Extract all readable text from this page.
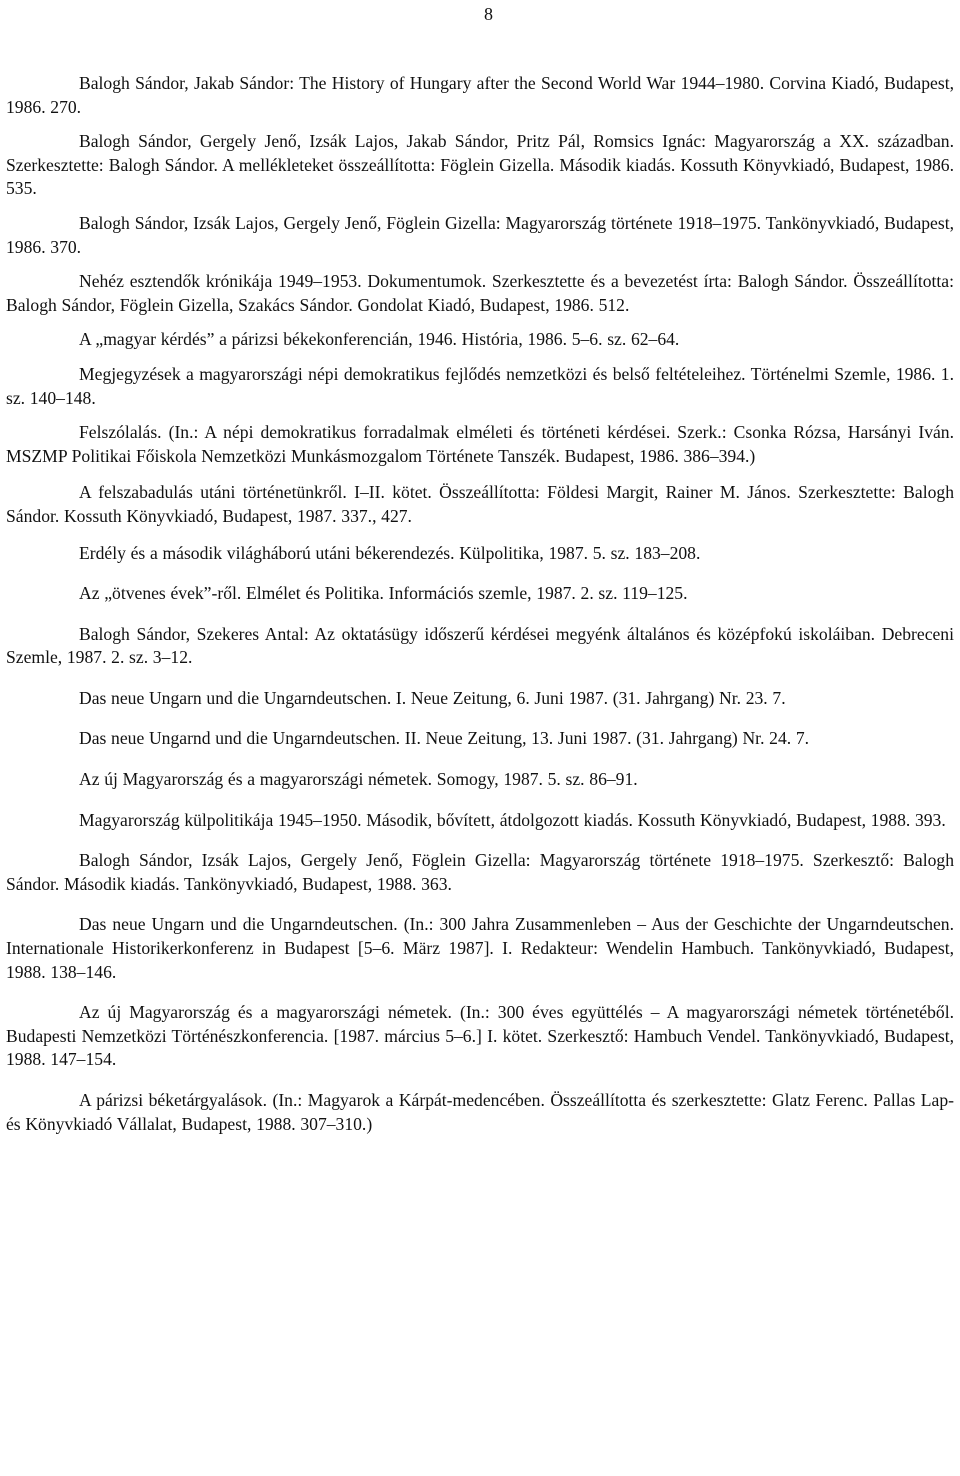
8
Balogh Sándor, Jakab Sándor: The History of Hungary after the Second World War 1944–1980. Corvina Kiadó, Budapest, 1986. 270.
Balogh Sándor, Gergely Jenő, Izsák Lajos, Jakab Sándor, Pritz Pál, Romsics Ignác: Magyarország a XX. században. Szerkesztette: Balogh Sándor. A mellékleteket összeállította: Föglein Gizella. Második kiadás. Kossuth Könyvkiadó, Budapest, 1986. 535.
Balogh Sándor, Izsák Lajos, Gergely Jenő, Föglein Gizella: Magyarország története 1918–1975. Tankönyvkiadó, Budapest, 1986. 370.
Nehéz esztendők krónikája 1949–1953. Dokumentumok. Szerkesztette és a bevezetést írta: Balogh Sándor. Összeállította: Balogh Sándor, Föglein Gizella, Szakács Sándor. Gondolat Kiadó, Budapest, 1986. 512.
A „magyar kérdés” a párizsi békekonferencián, 1946. História, 1986. 5–6. sz. 62–64.
Megjegyzések a magyarországi népi demokratikus fejlődés nemzetközi és belső feltételeihez. Történelmi Szemle, 1986. 1. sz. 140–148.
Felszólalás. (In.: A népi demokratikus forradalmak elméleti és történeti kérdései. Szerk.: Csonka Rózsa, Harsányi Iván. MSZMP Politikai Főiskola Nemzetközi Munkásmozgalom Története Tanszék. Budapest, 1986. 386–394.)
A felszabadulás utáni történetünkről. I–II. kötet. Összeállította: Földesi Margit, Rainer M. János. Szerkesztette: Balogh Sándor. Kossuth Könyvkiadó, Budapest, 1987. 337., 427.
Erdély és a második világháború utáni békerendezés. Külpolitika, 1987. 5. sz. 183–208.
Az „ötvenes évek”-ről. Elmélet és Politika. Információs szemle, 1987. 2. sz. 119–125.
Balogh Sándor, Szekeres Antal: Az oktatásügy időszerű kérdései megyénk általános és középfokú iskoláiban. Debreceni Szemle, 1987. 2. sz. 3–12.
Das neue Ungarn und die Ungarndeutschen. I. Neue Zeitung, 6. Juni 1987. (31. Jahrgang) Nr. 23. 7.
Das neue Ungarnd und die Ungarndeutschen. II. Neue Zeitung, 13. Juni 1987. (31. Jahrgang) Nr. 24. 7.
Az új Magyarország és a magyarországi németek. Somogy, 1987. 5. sz. 86–91.
Magyarország külpolitikája 1945–1950. Második, bővített, átdolgozott kiadás. Kossuth Könyvkiadó, Budapest, 1988. 393.
Balogh Sándor, Izsák Lajos, Gergely Jenő, Föglein Gizella: Magyarország története 1918–1975. Szerkesztő: Balogh Sándor. Második kiadás. Tankönyvkiadó, Budapest, 1988. 363.
Das neue Ungarn und die Ungarndeutschen. (In.: 300 Jahra Zusammenleben – Aus der Geschichte der Ungarndeutschen. Internationale Historikerkonferenz in Budapest [5–6. März 1987]. I. Redakteur: Wendelin Hambuch. Tankönyvkiadó, Budapest, 1988. 138–146.
Az új Magyarország és a magyarországi németek. (In.: 300 éves együttélés – A magyarországi németek történetéből. Budapesti Nemzetközi Történészkonferencia. [1987. március 5–6.] I. kötet. Szerkesztő: Hambuch Vendel. Tankönyvkiadó, Budapest, 1988. 147–154.
A párizsi béketárgyalások. (In.: Magyarok a Kárpát-medencében. Összeállította és szerkesztette: Glatz Ferenc. Pallas Lap- és Könyvkiadó Vállalat, Budapest, 1988. 307–310.)
